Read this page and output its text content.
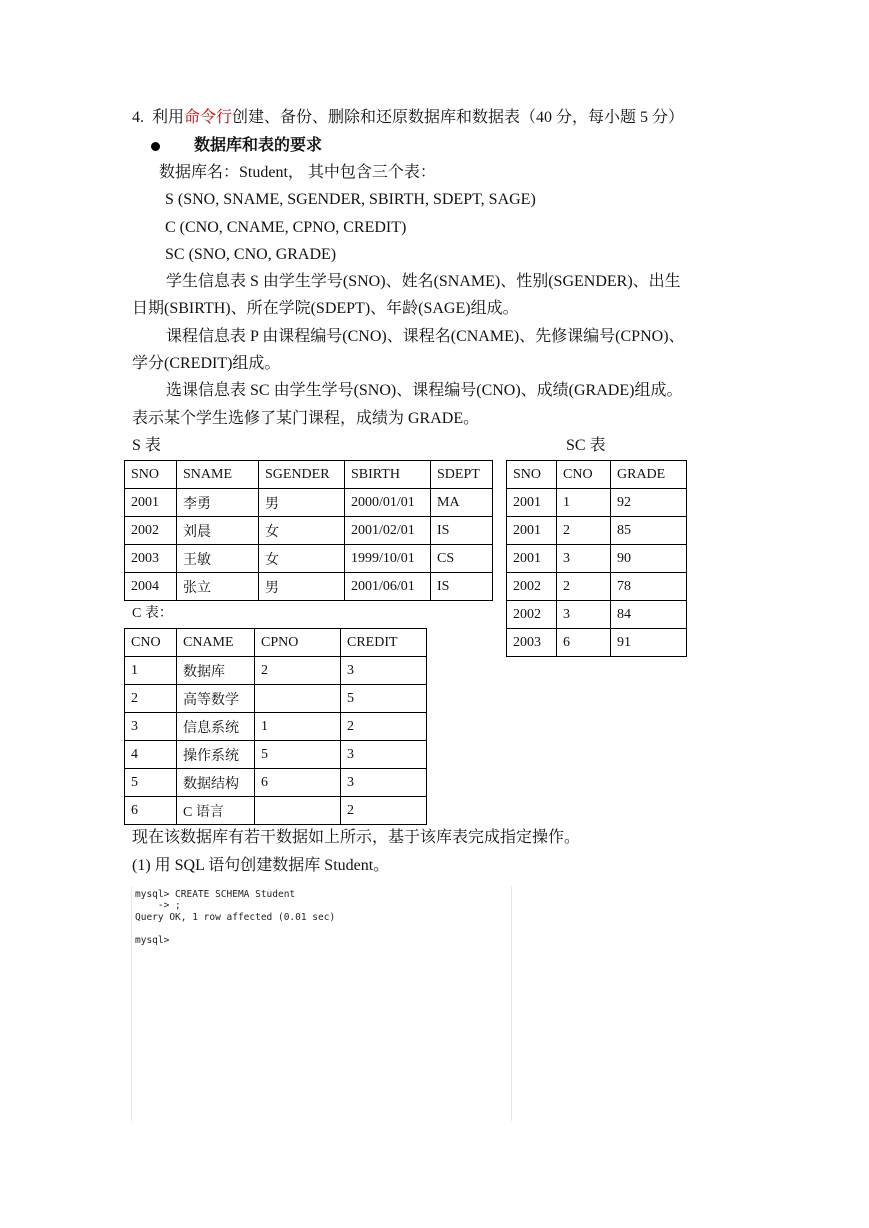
4. 利用命令行创建、备份、删除和还原数据库和数据表（40 分，每小题 5 分）
数据库和表的要求
数据库名：Student， 其中包含三个表：
S (SNO, SNAME, SGENDER, SBIRTH, SDEPT, SAGE)
C (CNO, CNAME, CPNO, CREDIT)
SC (SNO, CNO, GRADE)
学生信息表 S 由学生学号(SNO)、姓名(SNAME)、性别(SGENDER)、出生
日期(SBIRTH)、所在学院(SDEPT)、年龄(SAGE)组成。
课程信息表 P 由课程编号(CNO)、课程名(CNAME)、先修课编号(CPNO)、
学分(CREDIT)组成。
选课信息表 SC 由学生学号(SNO)、课程编号(CNO)、成绩(GRADE)组成。
表示某个学生选修了某门课程，成绩为 GRADE。
S 表	SC 表
SNO	SNAME	SGENDER	SBIRTH	SDEPT
2001	李勇	男	2000/01/01	MA
2002	刘晨	女	2001/02/01	IS
2003	王敏	女	1999/10/01	CS
2004	张立	男	2001/06/01	IS
SNO	CNO	GRADE
2001	1	92
2001	2	85
2001	3	90
2002	2	78
2002	3	84
2003	6	91
C 表：
CNO	CNAME	CPNO	CREDIT
1	数据库	2	3
2	高等数学		5
3	信息系统	1	2
4	操作系统	5	3
5	数据结构	6	3
6	C 语言		2
现在该数据库有若干数据如上所示，基于该库表完成指定操作。
(1) 用 SQL 语句创建数据库 Student。
mysql> CREATE SCHEMA Student
-> ;
Query OK, 1 row affected (0.01 sec)
mysql>
